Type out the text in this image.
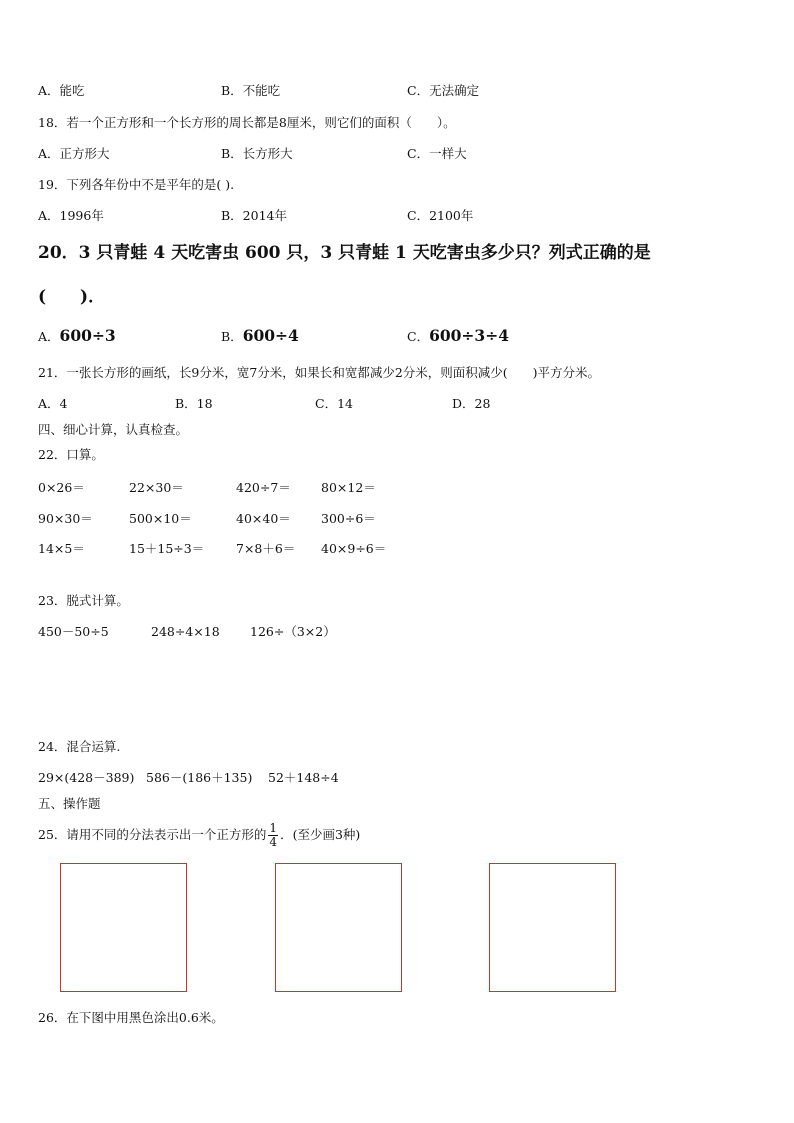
A．能吃	B．不能吃	C．无法确定
18．若一个正方形和一个长方形的周长都是8厘米，则它们的面积（　　）。
A．正方形大	B．长方形大	C．一样大
19．下列各年份中不是平年的是( ).
A．1996年	B．2014年	C．2100年
20．3 只青蛙 4 天吃害虫 600 只，3 只青蛙 1 天吃害虫多少只？列式正确的是
(　　)．
A．600÷3	B．600÷4	C．600÷3÷4
21．一张长方形的画纸，长9分米，宽7分米，如果长和宽都减少2分米，则面积减少(　　)平方分米。
A．4	B．18	C．14	D．28
四、细心计算，认真检查。
22．口算。
0×26＝	22×30＝	420÷7＝ 80×12＝
90×30＝	500×10＝	40×40＝ 300÷6＝
14×5＝	15＋15÷3＝	7×8＋6＝ 40×9÷6＝
23．脱式计算。
450－50÷5	248÷4×18 126÷（3×2）
24．混合运算.
29×(428－389) 586－(186＋135) 52＋148÷4
五、操作题
25．请用不同的分法表示出一个正方形的 $\frac{1}{4}$ ．(至少画3种)
26．在下图中用黑色涂出0.6米。
